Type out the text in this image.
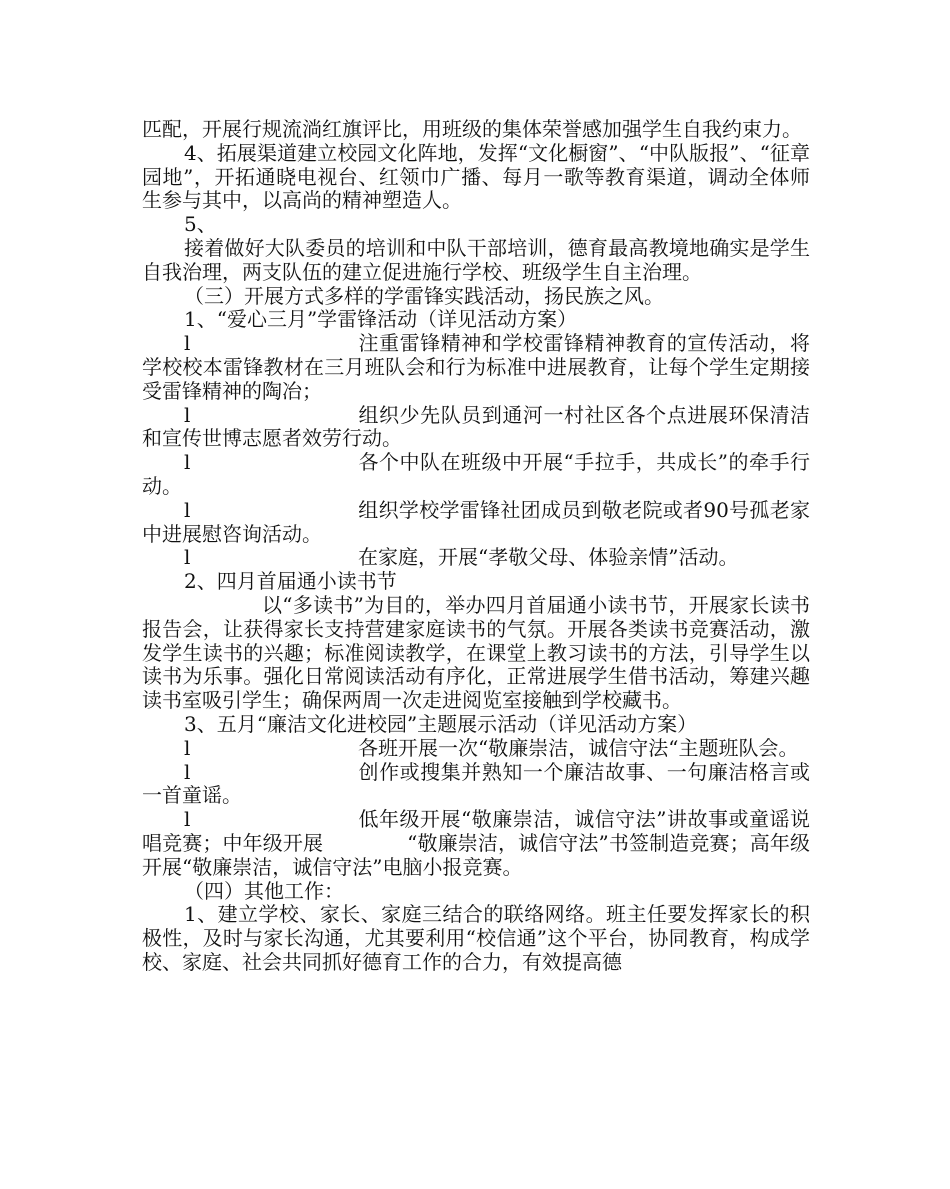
匹配，开展行规流淌红旗评比，用班级的集体荣誉感加强学生自我约束力。

4、拓展渠道建立校园文化阵地，发挥“文化橱窗”、“中队版报”、“征章园地”，开拓通晓电视台、红领巾广播、每月一歌等教育渠道，调动全体师生参与其中，以高尚的精神塑造人。

5、

接着做好大队委员的培训和中队干部培训，德育最高教境地确实是学生自我治理，两支队伍的建立促进施行学校、班级学生自主治理。

（三）开展方式多样的学雷锋实践活动，扬民族之风。

1、“爱心三月”学雷锋活动（详见活动方案）

l	注重雷锋精神和学校雷锋精神教育的宣传活动，将学校校本雷锋教材在三月班队会和行为标准中进展教育，让每个学生定期接受雷锋精神的陶冶；

l	组织少先队员到通河一村社区各个点进展环保清洁和宣传世博志愿者效劳行动。

l	各个中队在班级中开展“手拉手，共成长”的牵手行动。

l	组织学校学雷锋社团成员到敬老院或者90号孤老家中进展慰咨询活动。

l	在家庭，开展“孝敬父母、体验亲情”活动。

2、四月首届通小读书节

以“多读书”为目的，举办四月首届通小读书节，开展家长读书报告会，让获得家长支持营建家庭读书的气氛。开展各类读书竞赛活动，激发学生读书的兴趣；标准阅读教学，在课堂上教习读书的方法，引导学生以读书为乐事。强化日常阅读活动有序化，正常进展学生借书活动，筹建兴趣读书室吸引学生；确保两周一次走进阅览室接触到学校藏书。

3、五月“廉洁文化进校园”主题展示活动（详见活动方案）

l	各班开展一次“敬廉崇洁，诚信守法“主题班队会。

l	创作或搜集并熟知一个廉洁故事、一句廉洁格言或一首童谣。

l	低年级开展“敬廉崇洁，诚信守法”讲故事或童谣说唱竞赛；中年级开展	“敬廉崇洁，诚信守法”书签制造竞赛；高年级开展“敬廉崇洁，诚信守法”电脑小报竞赛。

（四）其他工作：

1、建立学校、家长、家庭三结合的联络网络。班主任要发挥家长的积极性，及时与家长沟通，尤其要利用“校信通”这个平台，协同教育，构成学校、家庭、社会共同抓好德育工作的合力，有效提高德
